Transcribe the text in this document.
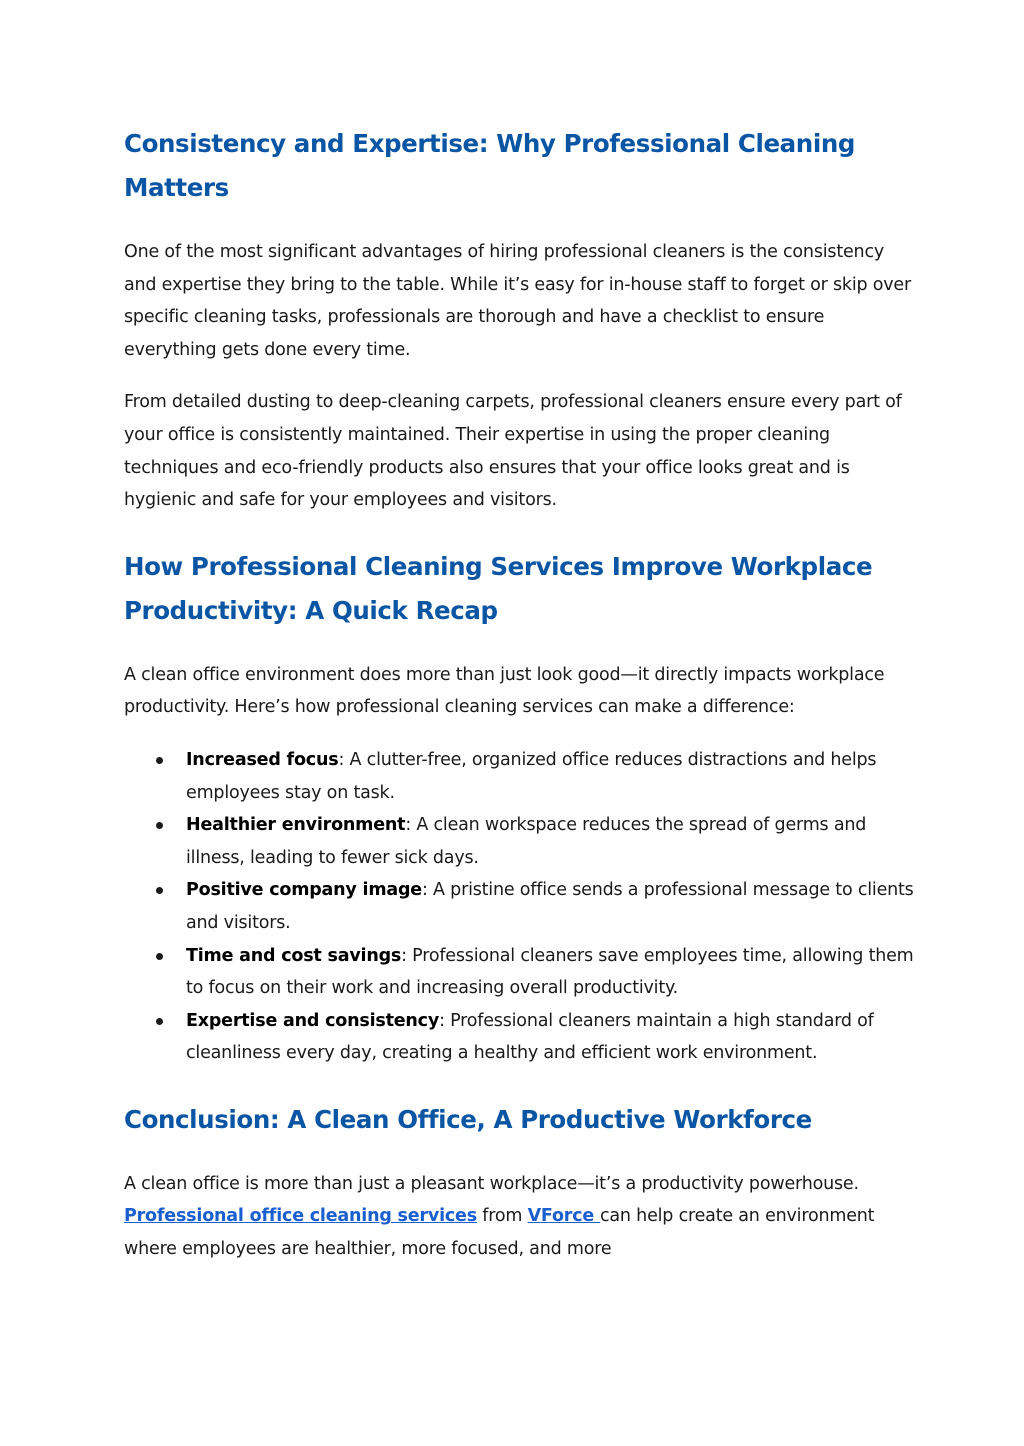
Consistency and Expertise: Why Professional Cleaning Matters

One of the most significant advantages of hiring professional cleaners is the consistency and expertise they bring to the table. While it’s easy for in-house staff to forget or skip over specific cleaning tasks, professionals are thorough and have a checklist to ensure everything gets done every time.

From detailed dusting to deep-cleaning carpets, professional cleaners ensure every part of your office is consistently maintained. Their expertise in using the proper cleaning techniques and eco-friendly products also ensures that your office looks great and is hygienic and safe for your employees and visitors.

How Professional Cleaning Services Improve Workplace Productivity: A Quick Recap

A clean office environment does more than just look good—it directly impacts workplace productivity. Here’s how professional cleaning services can make a difference:

Increased focus: A clutter-free, organized office reduces distractions and helps employees stay on task.
Healthier environment: A clean workspace reduces the spread of germs and illness, leading to fewer sick days.
Positive company image: A pristine office sends a professional message to clients and visitors.
Time and cost savings: Professional cleaners save employees time, allowing them to focus on their work and increasing overall productivity.
Expertise and consistency: Professional cleaners maintain a high standard of cleanliness every day, creating a healthy and efficient work environment.
Conclusion: A Clean Office, A Productive Workforce

A clean office is more than just a pleasant workplace—it’s a productivity powerhouse. Professional office cleaning services from VForce can help create an environment where employees are healthier, more focused, and more
